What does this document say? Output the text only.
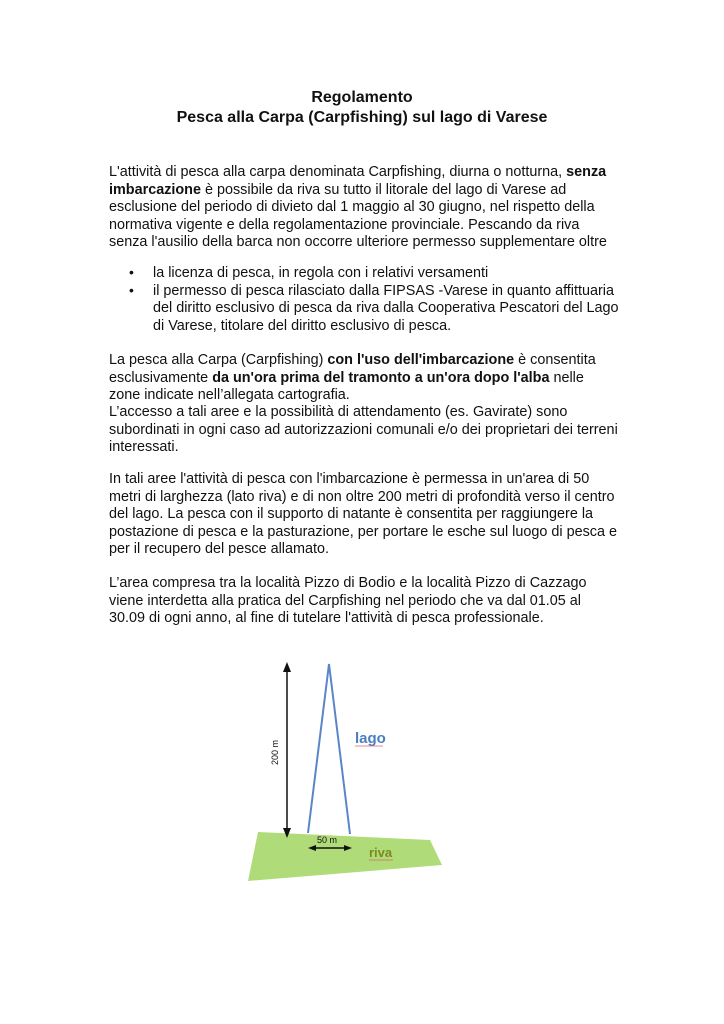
Regolamento
Pesca alla Carpa (Carpfishing) sul lago di Varese

L'attività di pesca alla carpa denominata Carpfishing, diurna o notturna, senza imbarcazione è possibile da riva su tutto il litorale del lago di Varese ad esclusione del periodo di divieto dal 1 maggio al 30 giugno, nel rispetto della normativa vigente e della regolamentazione provinciale. Pescando da riva senza l'ausilio della barca non occorre ulteriore permesso supplementare oltre

• la licenza di pesca, in regola con i relativi versamenti
• il permesso di pesca rilasciato dalla FIPSAS -Varese in quanto affittuaria del diritto esclusivo di pesca da riva dalla Cooperativa Pescatori del Lago di Varese, titolare del diritto esclusivo di pesca.

La pesca alla Carpa (Carpfishing) con l'uso dell'imbarcazione è consentita esclusivamente da un'ora prima del tramonto a un'ora dopo l'alba nelle zone indicate nell’allegata cartografia.

L’accesso a tali aree e la possibilità di attendamento (es. Gavirate) sono subordinati in ogni caso ad autorizzazioni comunali e/o dei proprietari dei terreni interessati.

In tali aree l'attività di pesca con l'imbarcazione è permessa in un'area di 50 metri di larghezza (lato riva) e di non oltre 200 metri di profondità verso il centro del lago. La pesca con il supporto di natante è consentita per raggiungere la postazione di pesca e la pasturazione, per portare le esche sul luogo di pesca e per il recupero del pesce allamato.

L’area compresa tra la località Pizzo di Bodio e la località Pizzo di Cazzago viene interdetta alla pratica del Carpfishing nel periodo che va dal 01.05 al 30.09 di ogni anno, al fine di tutelare l'attività di pesca professionale.

200 m
50 m
lago
riva
